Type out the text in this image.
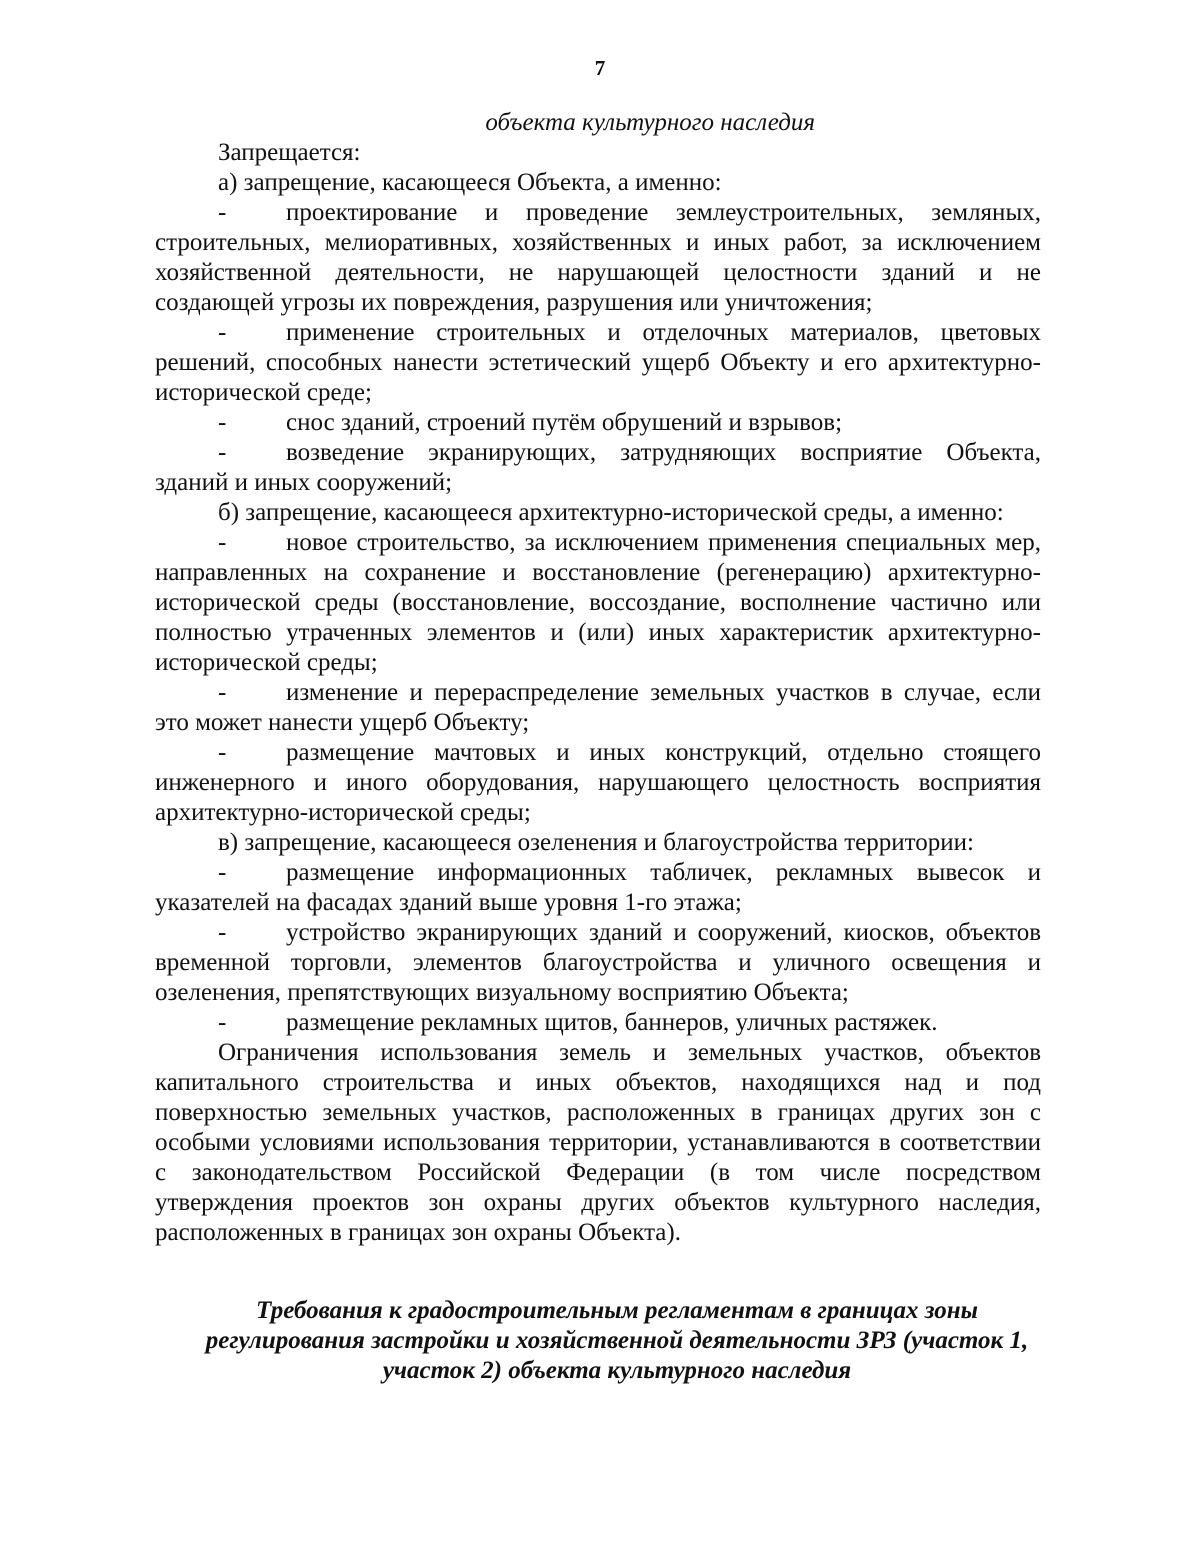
7

объекта культурного наследия

Запрещается:

а) запрещение, касающееся Объекта, а именно:

- проектирование и проведение землеустроительных, земляных, строительных, мелиоративных, хозяйственных и иных работ, за исключением хозяйственной деятельности, не нарушающей целостности зданий и не создающей угрозы их повреждения, разрушения или уничтожения;

- применение строительных и отделочных материалов, цветовых решений, способных нанести эстетический ущерб Объекту и его архитектурно-исторической среде;

- снос зданий, строений путём обрушений и взрывов;

- возведение экранирующих, затрудняющих восприятие Объекта, зданий и иных сооружений;

б) запрещение, касающееся архитектурно-исторической среды, а именно:

- новое строительство, за исключением применения специальных мер, направленных на сохранение и восстановление (регенерацию) архитектурно-исторической среды (восстановление, воссоздание, восполнение частично или полностью утраченных элементов и (или) иных характеристик архитектурно-исторической среды;

- изменение и перераспределение земельных участков в случае, если это может нанести ущерб Объекту;

- размещение мачтовых и иных конструкций, отдельно стоящего инженерного и иного оборудования, нарушающего целостность восприятия архитектурно-исторической среды;

в) запрещение, касающееся озеленения и благоустройства территории:

- размещение информационных табличек, рекламных вывесок и указателей на фасадах зданий выше уровня 1-го этажа;

- устройство экранирующих зданий и сооружений, киосков, объектов временной торговли, элементов благоустройства и уличного освещения и озеленения, препятствующих визуальному восприятию Объекта;

- размещение рекламных щитов, баннеров, уличных растяжек.

Ограничения использования земель и земельных участков, объектов капитального строительства и иных объектов, находящихся над и под поверхностью земельных участков, расположенных в границах других зон с особыми условиями использования территории, устанавливаются в соответствии с законодательством Российской Федерации (в том числе посредством утверждения проектов зон охраны других объектов культурного наследия, расположенных в границах зон охраны Объекта).

Требования к градостроительным регламентам в границах зоны регулирования застройки и хозяйственной деятельности ЗРЗ (участок 1, участок 2) объекта культурного наследия
